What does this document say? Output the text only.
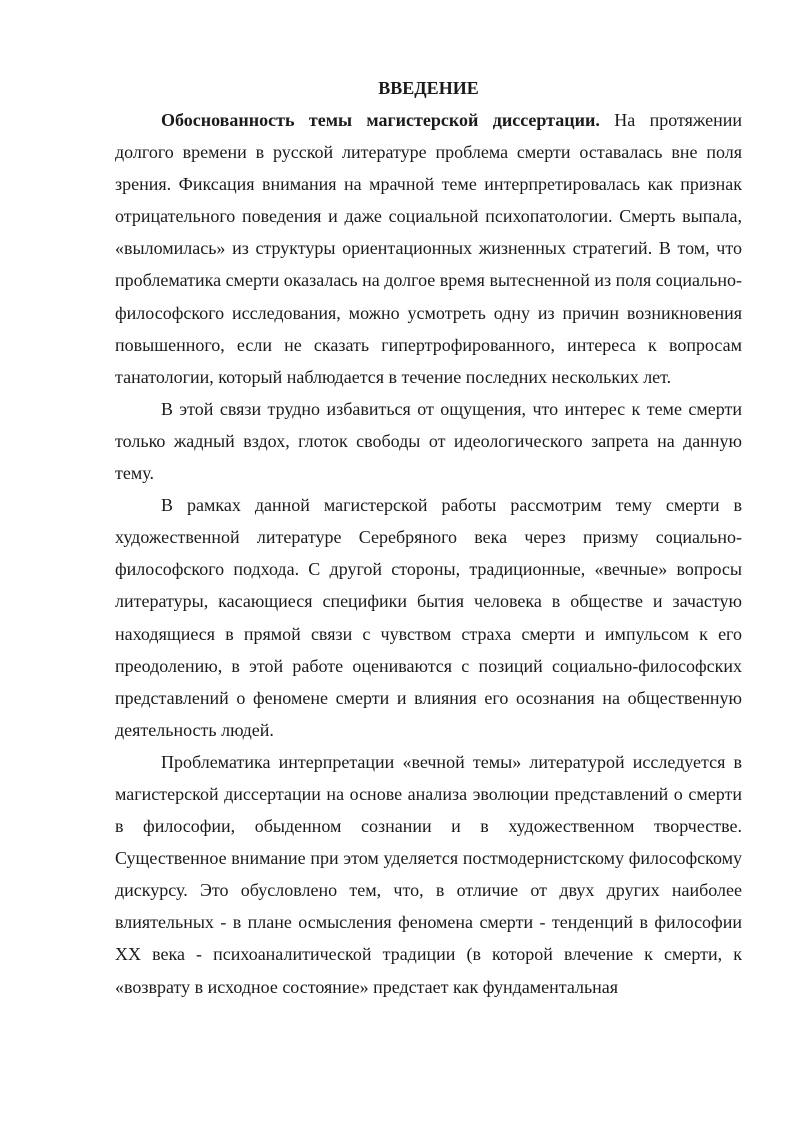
ВВЕДЕНИЕ

Обоснованность темы магистерской диссертации. На протяжении долгого времени в русской литературе проблема смерти оставалась вне поля зрения. Фиксация внимания на мрачной теме интерпретировалась как признак отрицательного поведения и даже социальной психопатологии. Смерть выпала, «выломилась» из структуры ориентационных жизненных стратегий. В том, что проблематика смерти оказалась на долгое время вытесненной из поля социально-философского исследования, можно усмотреть одну из причин возникновения повышенного, если не сказать гипертрофированного, интереса к вопросам танатологии, который наблюдается в течение последних нескольких лет.

В этой связи трудно избавиться от ощущения, что интерес к теме смерти только жадный вздох, глоток свободы от идеологического запрета на данную тему.

В рамках данной магистерской работы рассмотрим тему смерти в художественной литературе Серебряного века через призму социально-философского подхода. С другой стороны, традиционные, «вечные» вопросы литературы, касающиеся специфики бытия человека в обществе и зачастую находящиеся в прямой связи с чувством страха смерти и импульсом к его преодолению, в этой работе оцениваются с позиций социально-философских представлений о феномене смерти и влияния его осознания на общественную деятельность людей.

Проблематика интерпретации «вечной темы» литературой исследуется в магистерской диссертации на основе анализа эволюции представлений о смерти в философии, обыденном сознании и в художественном творчестве. Существенное внимание при этом уделяется постмодернистскому философскому дискурсу. Это обусловлено тем, что, в отличие от двух других наиболее влиятельных - в плане осмысления феномена смерти - тенденций в философии XX века - психоаналитической традиции (в которой влечение к смерти, к «возврату в исходное состояние» предстает как фундаментальная
